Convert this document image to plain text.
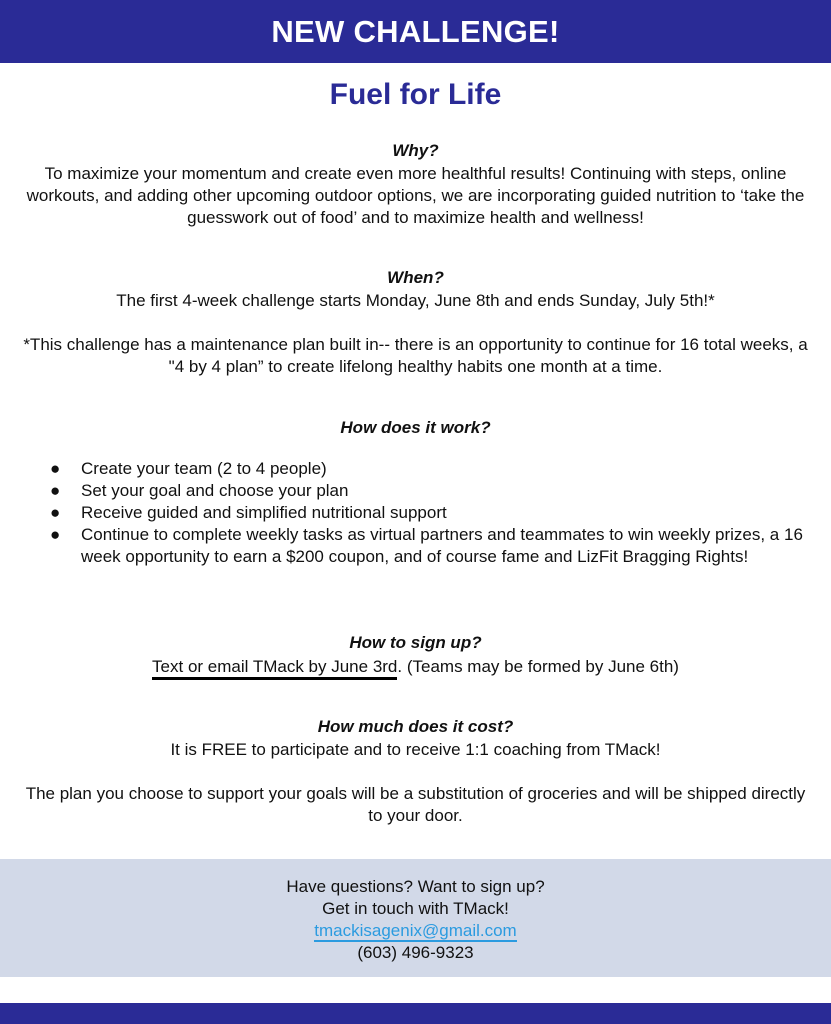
NEW CHALLENGE!
Fuel for Life

Why?

To maximize your momentum and create even more healthful results! Continuing with steps, online workouts, and adding other upcoming outdoor options, we are incorporating guided nutrition to ‘take the guesswork out of food’ and to maximize health and wellness!

When?

The first 4-week challenge starts Monday, June 8th and ends Sunday, July 5th!*

*This challenge has a maintenance plan built in-- there is an opportunity to continue for 16 total weeks, a "4 by 4 plan” to create lifelong healthy habits one month at a time.

How does it work?

● Create your team (2 to 4 people)
● Set your goal and choose your plan
● Receive guided and simplified nutritional support
● Continue to complete weekly tasks as virtual partners and teammates to win weekly prizes, a 16 week opportunity to earn a $200 coupon, and of course fame and LizFit Bragging Rights!

How to sign up?

Text or email TMack by June 3rd. (Teams may be formed by June 6th)

How much does it cost?

It is FREE to participate and to receive 1:1 coaching from TMack!

The plan you choose to support your goals will be a substitution of groceries and will be shipped directly to your door.

Have questions? Want to sign up?
Get in touch with TMack!
tmackisagenix@gmail.com
(603) 496-9323
